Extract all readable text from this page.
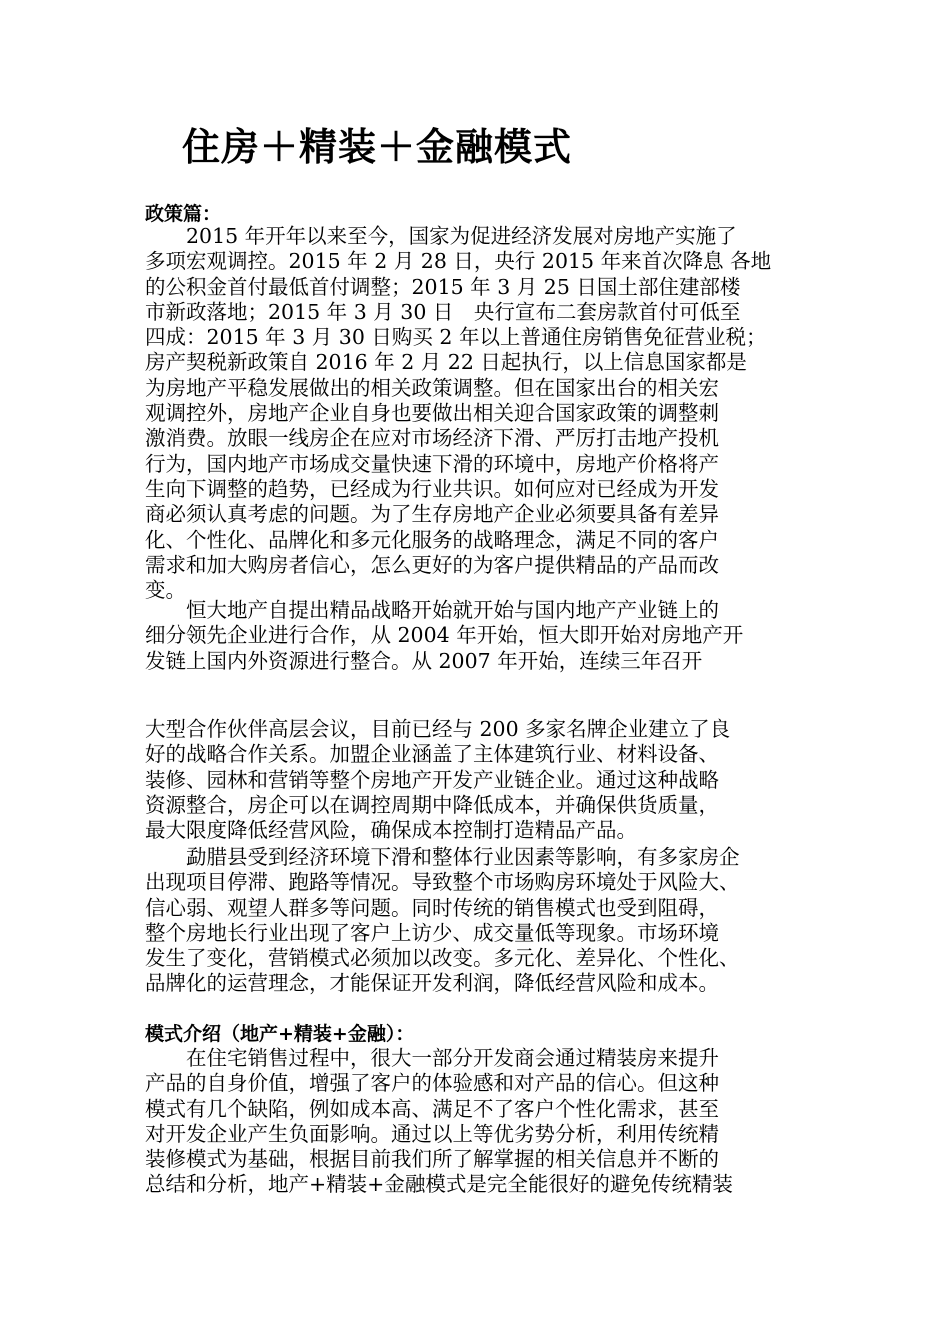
住房＋精装＋金融模式
政策篇：
　　2015 年开年以来至今，国家为促进经济发展对房地产实施了
多项宏观调控。2015 年 2 月 28 日，央行 2015 年来首次降息 各地
的公积金首付最低首付调整；2015 年 3 月 25 日国土部住建部楼
市新政落地；2015 年 3 月 30 日　央行宣布二套房款首付可低至
四成：2015 年 3 月 30 日购买 2 年以上普通住房销售免征营业税；
房产契税新政策自 2016 年 2 月 22 日起执行，以上信息国家都是
为房地产平稳发展做出的相关政策调整。但在国家出台的相关宏
观调控外，房地产企业自身也要做出相关迎合国家政策的调整刺
激消费。放眼一线房企在应对市场经济下滑、严厉打击地产投机
行为，国内地产市场成交量快速下滑的环境中，房地产价格将产
生向下调整的趋势，已经成为行业共识。如何应对已经成为开发
商必须认真考虑的问题。为了生存房地产企业必须要具备有差异
化、个性化、品牌化和多元化服务的战略理念，满足不同的客户
需求和加大购房者信心，怎么更好的为客户提供精品的产品而改
变。
　　恒大地产自提出精品战略开始就开始与国内地产产业链上的
细分领先企业进行合作，从 2004 年开始，恒大即开始对房地产开
发链上国内外资源进行整合。从 2007 年开始，连续三年召开
大型合作伙伴高层会议，目前已经与 200 多家名牌企业建立了良
好的战略合作关系。加盟企业涵盖了主体建筑行业、材料设备、
装修、园林和营销等整个房地产开发产业链企业。通过这种战略
资源整合，房企可以在调控周期中降低成本，并确保供货质量，
最大限度降低经营风险，确保成本控制打造精品产品。
　　勐腊县受到经济环境下滑和整体行业因素等影响，有多家房企
出现项目停滞、跑路等情况。导致整个市场购房环境处于风险大、
信心弱、观望人群多等问题。同时传统的销售模式也受到阻碍，
整个房地长行业出现了客户上访少、成交量低等现象。市场环境
发生了变化，营销模式必须加以改变。多元化、差异化、个性化、
品牌化的运营理念，才能保证开发利润，降低经营风险和成本。
模式介绍（地产+精装+金融）：
　　在住宅销售过程中，很大一部分开发商会通过精装房来提升
产品的自身价值，增强了客户的体验感和对产品的信心。但这种
模式有几个缺陷，例如成本高、满足不了客户个性化需求，甚至
对开发企业产生负面影响。通过以上等优劣势分析，利用传统精
装修模式为基础，根据目前我们所了解掌握的相关信息并不断的
总结和分析，地产+精装+金融模式是完全能很好的避免传统精装
